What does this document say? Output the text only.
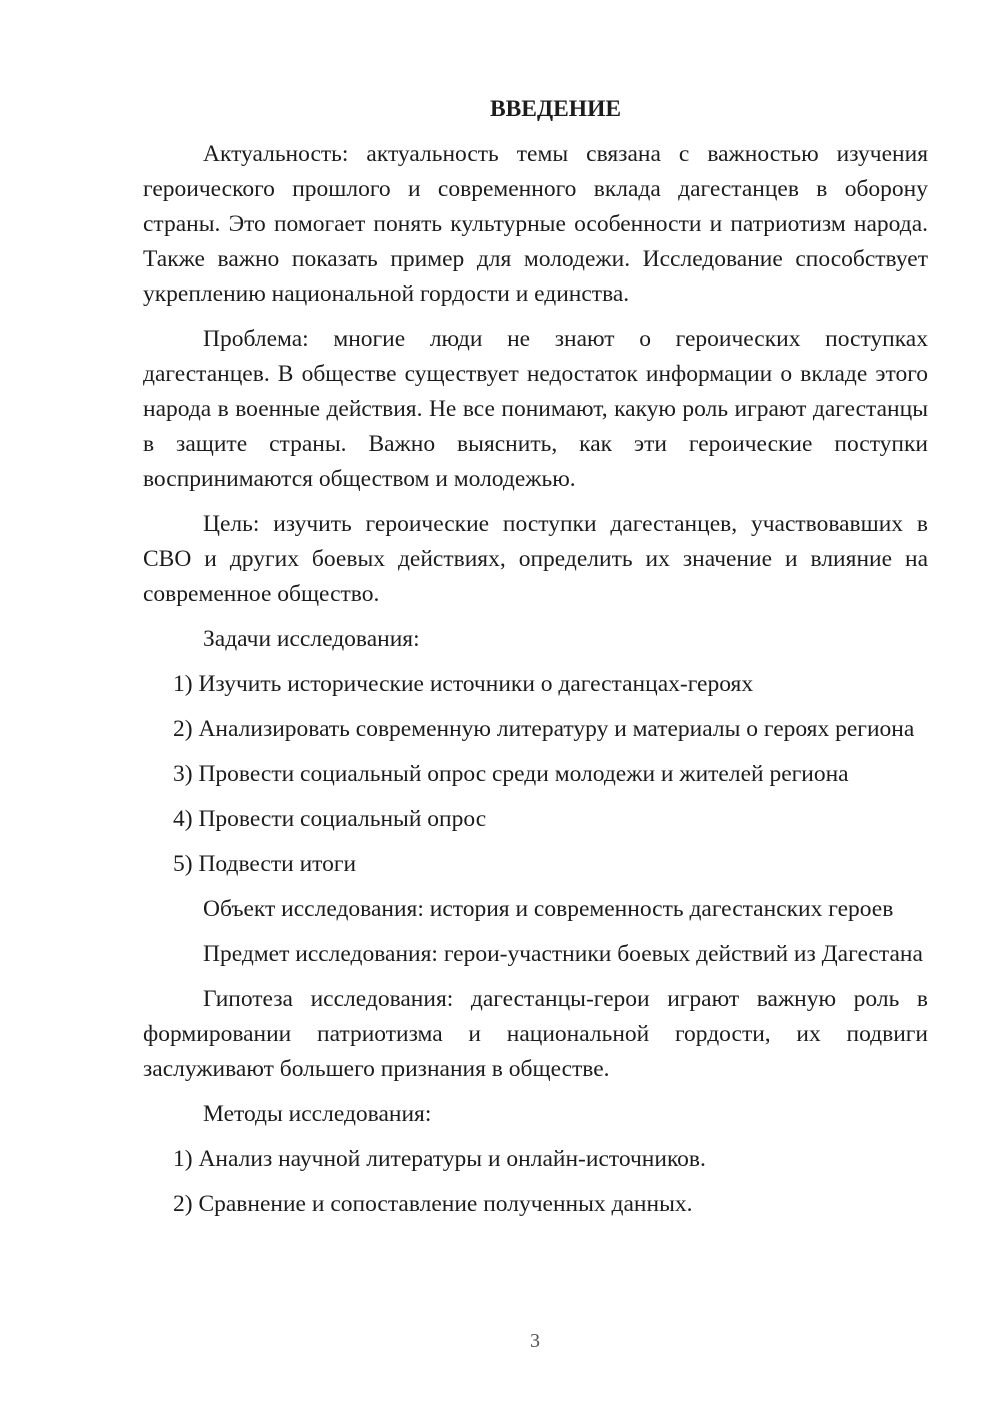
ВВЕДЕНИЕ

Актуальность: актуальность темы связана с важностью изучения героического прошлого и современного вклада дагестанцев в оборону страны. Это помогает понять культурные особенности и патриотизм народа. Также важно показать пример для молодежи. Исследование способствует укреплению национальной гордости и единства.

Проблема: многие люди не знают о героических поступках дагестанцев. В обществе существует недостаток информации о вкладе этого народа в военные действия. Не все понимают, какую роль играют дагестанцы в защите страны. Важно выяснить, как эти героические поступки воспринимаются обществом и молодежью.

Цель: изучить героические поступки дагестанцев, участвовавших в СВО и других боевых действиях, определить их значение и влияние на современное общество.

Задачи исследования:

1) Изучить исторические источники о дагестанцах-героях

2) Анализировать современную литературу и материалы о героях региона

3) Провести социальный опрос среди молодежи и жителей региона

4) Провести социальный опрос

5) Подвести итоги

Объект исследования: история и современность дагестанских героев

Предмет исследования: герои-участники боевых действий из Дагестана

Гипотеза исследования: дагестанцы-герои играют важную роль в формировании патриотизма и национальной гордости, их подвиги заслуживают большего признания в обществе.

Методы исследования:

1) Анализ научной литературы и онлайн-источников.

2) Сравнение и сопоставление полученных данных.

3
